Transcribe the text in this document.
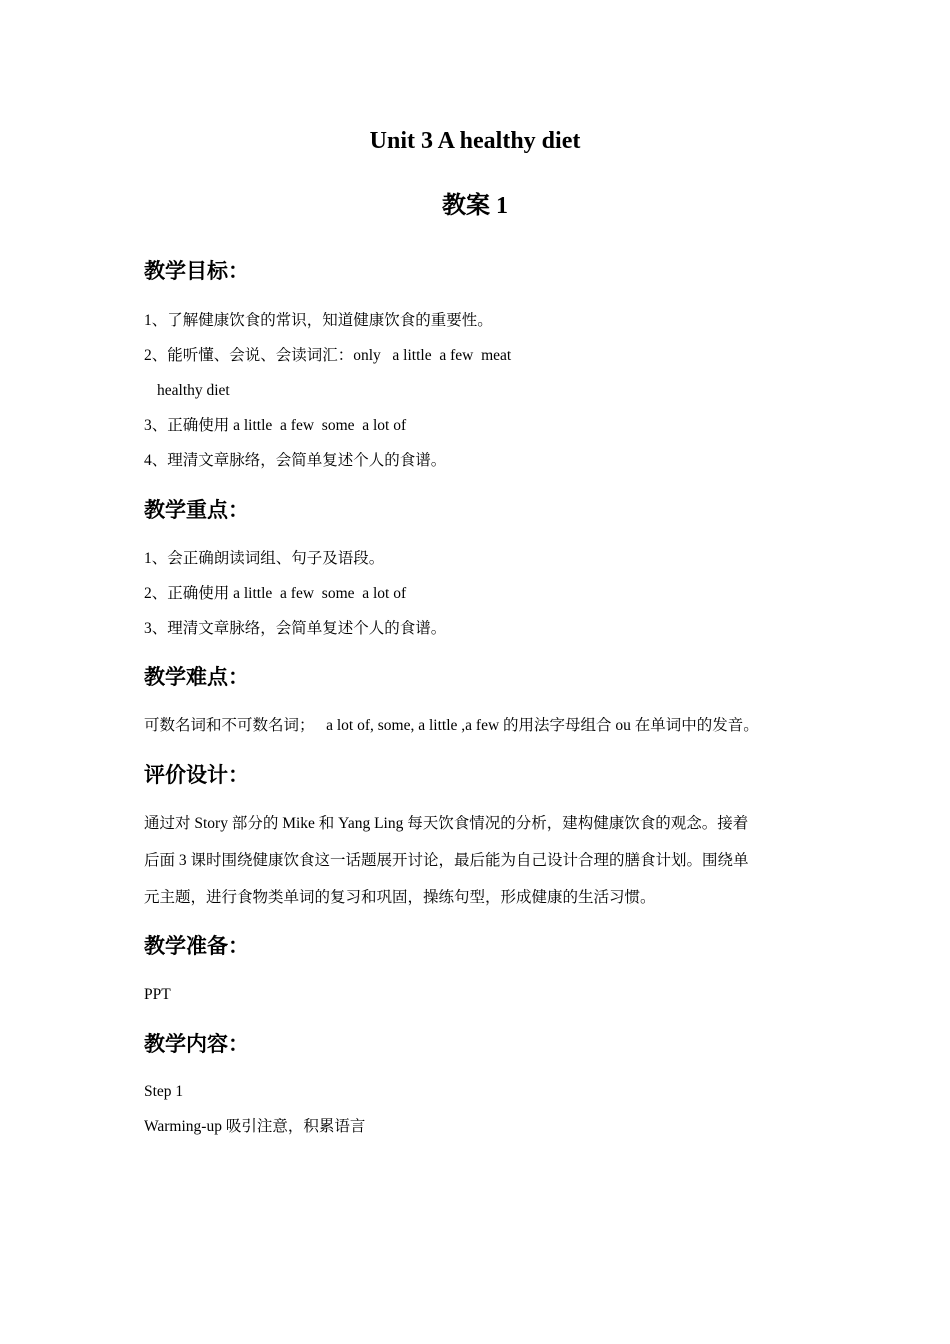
Unit 3 A healthy diet
教案 1
教学目标：

1、了解健康饮食的常识，知道健康饮食的重要性。

2、能听懂、会说、会读词汇：only   a little  a few  meat

healthy diet

3、正确使用 a little  a few  some  a lot of

4、理清文章脉络，会简单复述个人的食谱。

教学重点：

1、会正确朗读词组、句子及语段。

2、正确使用 a little  a few  some  a lot of

3、理清文章脉络，会简单复述个人的食谱。

教学难点：

可数名词和不可数名词；   a lot of, some, a little ,a few 的用法字母组合 ou 在单词中的发音。

评价设计：

通过对 Story 部分的 Mike 和 Yang Ling 每天饮食情况的分析，建构健康饮食的观念。接着

后面 3 课时围绕健康饮食这一话题展开讨论，最后能为自己设计合理的膳食计划。围绕单

元主题，进行食物类单词的复习和巩固，操练句型，形成健康的生活习惯。

教学准备：

PPT

教学内容：

Step 1

Warming-up 吸引注意，积累语言
